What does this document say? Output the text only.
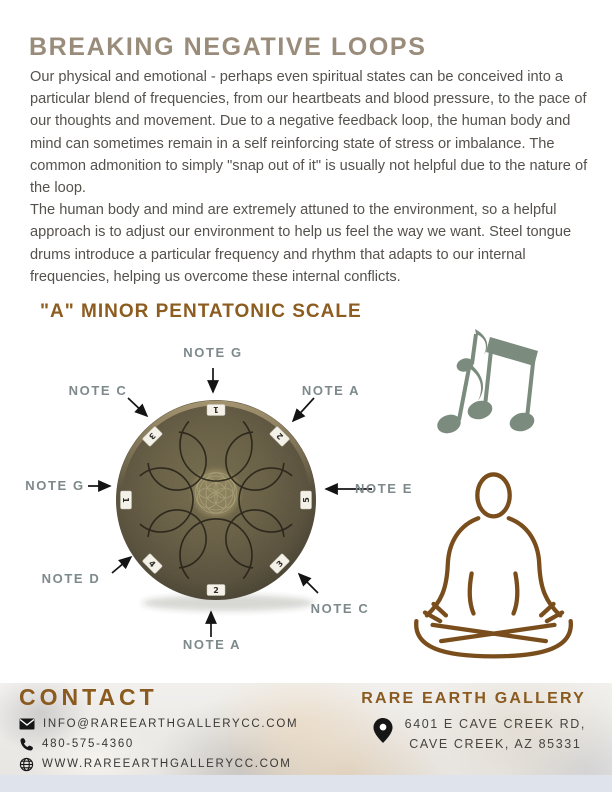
BREAKING NEGATIVE LOOPS

Our physical and emotional - perhaps even spiritual states can be conceived into a particular blend of frequencies, from our heartbeats and blood pressure, to the pace of our thoughts and movement. Due to a negative feedback loop, the human body and mind can sometimes remain in a self reinforcing state of stress or imbalance. The common admonition to simply "snap out of it" is usually not helpful due to the nature of the loop.

The human body and mind are extremely attuned to the environment, so a helpful approach is to adjust our environment to help us feel the way we want. Steel tongue drums introduce a particular frequency and rhythm that adapts to our internal frequencies, helping us overcome these internal conflicts.

"A" MINOR PENTATONIC SCALE
1
2
5
3
2
4
1
3
NOTE G
NOTE A
NOTE E
NOTE C
NOTE A
NOTE D
NOTE G
NOTE C
CONTACT
INFO@RAREEARTHGALLERYCC.COM
480-575-4360
WWW.RAREEARTHGALLERYCC.COM
RARE EARTH GALLERY
6401 E CAVE CREEK RD,
CAVE CREEK, AZ 85331
